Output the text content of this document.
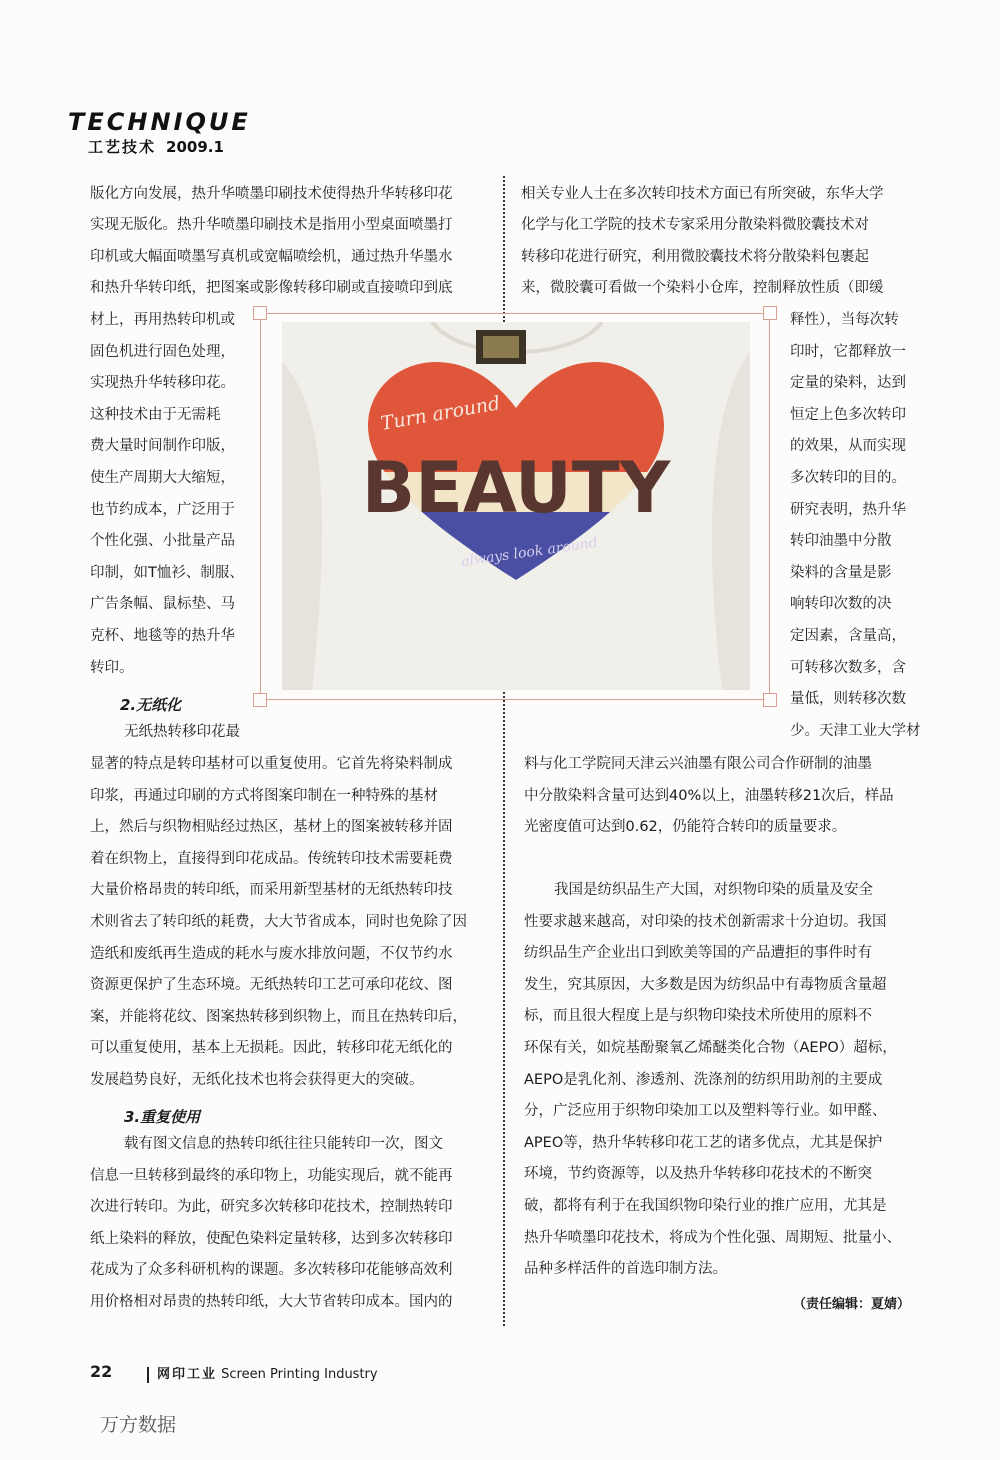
TECHNIQUE
工艺技术 2009.1
版化方向发展，热升华喷墨印刷技术使得热升华转移印花
实现无版化。热升华喷墨印刷技术是指用小型桌面喷墨打
印机或大幅面喷墨写真机或宽幅喷绘机，通过热升华墨水
和热升华转印纸，把图案或影像转移印刷或直接喷印到底
材上，再用热转印机或
固色机进行固色处理，
实现热升华转移印花。
这种技术由于无需耗
费大量时间制作印版，
使生产周期大大缩短，
也节约成本，广泛用于
个性化强、小批量产品
印制，如T恤衫、制服、
广告条幅、鼠标垫、马
克杯、地毯等的热升华
转印。
2.无纸化
无纸热转移印花最
显著的特点是转印基材可以重复使用。它首先将染料制成
印浆，再通过印刷的方式将图案印制在一种特殊的基材
上，然后与织物相贴经过热区，基材上的图案被转移并固
着在织物上，直接得到印花成品。传统转印技术需要耗费
大量价格昂贵的转印纸，而采用新型基材的无纸热转印技
术则省去了转印纸的耗费，大大节省成本，同时也免除了因
造纸和废纸再生造成的耗水与废水排放问题，不仅节约水
资源更保护了生态环境。无纸热转印工艺可承印花纹、图
案，并能将花纹、图案热转移到织物上，而且在热转印后，
可以重复使用，基本上无损耗。因此，转移印花无纸化的
发展趋势良好，无纸化技术也将会获得更大的突破。
3.重复使用
载有图文信息的热转印纸往往只能转印一次，图文
信息一旦转移到最终的承印物上，功能实现后，就不能再
次进行转印。为此，研究多次转移印花技术，控制热转印
纸上染料的释放，使配色染料定量转移，达到多次转移印
花成为了众多科研机构的课题。多次转移印花能够高效利
用价格相对昂贵的热转印纸，大大节省转印成本。国内的
相关专业人士在多次转印技术方面已有所突破，东华大学
化学与化工学院的技术专家采用分散染料微胶囊技术对
转移印花进行研究，利用微胶囊技术将分散染料包裹起
来，微胶囊可看做一个染料小仓库，控制释放性质（即缓
释性），当每次转
印时，它都释放一
定量的染料，达到
恒定上色多次转印
的效果，从而实现
多次转印的目的。
研究表明，热升华
转印油墨中分散
染料的含量是影
响转印次数的决
定因素，含量高，
可转移次数多，含
量低，则转移次数
少。天津工业大学材
料与化工学院同天津云兴油墨有限公司合作研制的油墨
中分散染料含量可达到40%以上，油墨转移21次后，样品
光密度值可达到0.62，仍能符合转印的质量要求。
我国是纺织品生产大国，对织物印染的质量及安全
性要求越来越高，对印染的技术创新需求十分迫切。我国
纺织品生产企业出口到欧美等国的产品遭拒的事件时有
发生，究其原因，大多数是因为纺织品中有毒物质含量超
标，而且很大程度上是与织物印染技术所使用的原料不
环保有关，如烷基酚聚氧乙烯醚类化合物（AEPO）超标，
AEPO是乳化剂、渗透剂、洗涤剂的纺织用助剂的主要成
分，广泛应用于织物印染加工以及塑料等行业。如甲醛、
APEO等，热升华转移印花工艺的诸多优点，尤其是保护
环境，节约资源等，以及热升华转移印花技术的不断突
破，都将有利于在我国织物印染行业的推广应用，尤其是
热升华喷墨印花技术，将成为个性化强、周期短、批量小、
品种多样活件的首选印制方法。
（责任编辑：夏婧）
Turn around
BEAUTY
always look around
22	网印工业 Screen Printing Industry
万方数据
